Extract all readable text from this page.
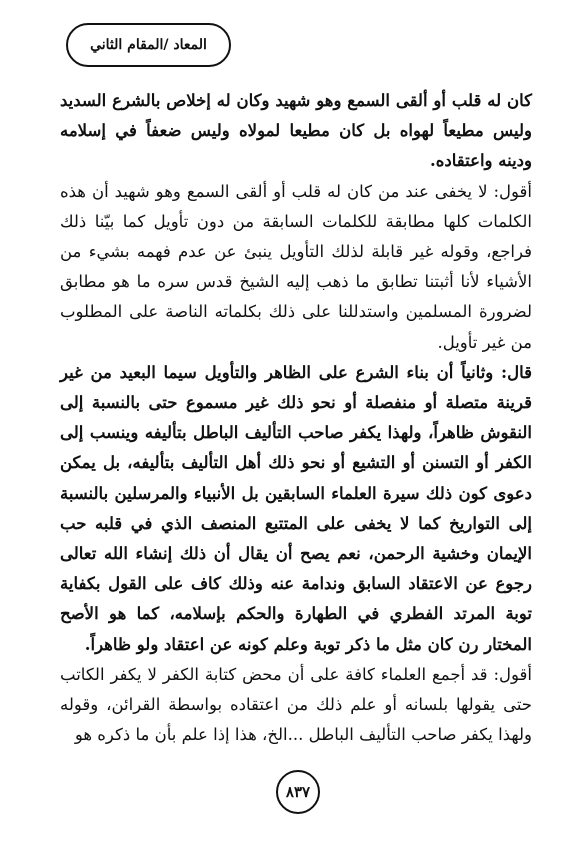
المعاد /المقام الثاني

كان له قلب أو ألقى السمع وهو شهيد وكان له إخلاص بالشرع السديد وليس مطيعاً لهواه بل كان مطيعا لمولاه وليس ضعفاً في إسلامه ودينه واعتقاده.

أقول: لا يخفى عند من كان له قلب أو ألقى السمع وهو شهيد أن هذه الكلمات كلها مطابقة للكلمات السابقة من دون تأويل كما بيّنا ذلك فراجع، وقوله غير قابلة لذلك التأويل ينبئ عن عدم فهمه بشيء من الأشياء لأنا أثبتنا تطابق ما ذهب إليه الشيخ قدس سره ما هو مطابق لضرورة المسلمين واستدللنا على ذلك بكلماته الناصة على المطلوب من غير تأويل.

قال: وثانياً أن بناء الشرع على الظاهر والتأويل سيما البعيد من غير قرينة متصلة أو منفصلة أو نحو ذلك غير مسموع حتى بالنسبة إلى النقوش ظاهراً، ولهذا يكفر صاحب التأليف الباطل بتأليفه وينسب إلى الكفر أو التسنن أو التشيع أو نحو ذلك أهل التأليف بتأليفه، بل يمكن دعوى كون ذلك سيرة العلماء السابقين بل الأنبياء والمرسلين بالنسبة إلى التواريخ كما لا يخفى على المتتبع المنصف الذي في قلبه حب الإيمان وخشية الرحمن، نعم يصح أن يقال أن ذلك إنشاء الله تعالى رجوع عن الاعتقاد السابق وندامة عنه وذلك كاف على القول بكفاية توبة المرتد الفطري في الطهارة والحكم بإسلامه، كما هو الأصح المختار رن كان مثل ما ذكر توبة وعلم كونه عن اعتقاد ولو ظاهراً.

أقول: قد أجمع العلماء كافة على أن محض كتابة الكفر لا يكفر الكاتب حتى يقولها بلسانه أو علم ذلك من اعتقاده بواسطة القرائن، وقوله ولهذا يكفر صاحب التأليف الباطل ...الخ، هذا إذا علم بأن ما ذكره هو

٨٣٧
